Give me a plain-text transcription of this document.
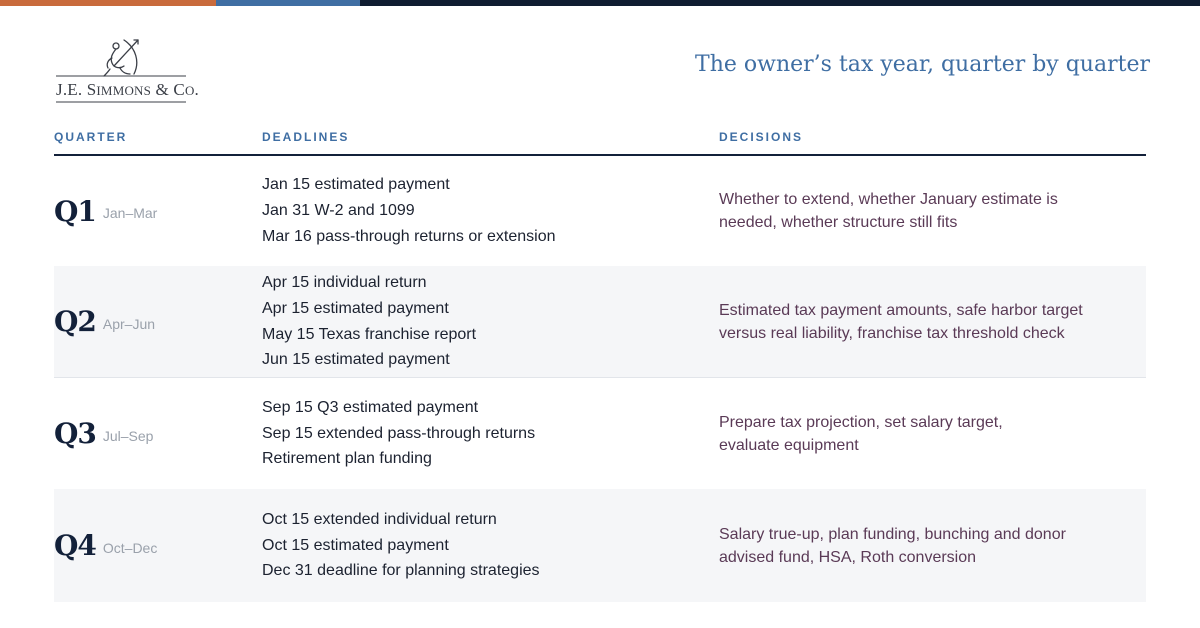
J.E. SIMMONS & CO.
The owner’s tax year, quarter by quarter
QUARTER	DEADLINES	DECISIONS
Q1 Jan–Mar
Jan 15 estimated payment
Jan 31 W-2 and 1099
Mar 16 pass-through returns or extension
Whether to extend, whether January estimate is
needed, whether structure still fits
Q2 Apr–Jun
Apr 15 individual return
Apr 15 estimated payment
May 15 Texas franchise report
Jun 15 estimated payment
Estimated tax payment amounts, safe harbor target
versus real liability, franchise tax threshold check
Q3 Jul–Sep
Sep 15 Q3 estimated payment
Sep 15 extended pass-through returns
Retirement plan funding
Prepare tax projection, set salary target,
evaluate equipment
Q4 Oct–Dec
Oct 15 extended individual return
Oct 15 estimated payment
Dec 31 deadline for planning strategies
Salary true-up, plan funding, bunching and donor
advised fund, HSA, Roth conversion
